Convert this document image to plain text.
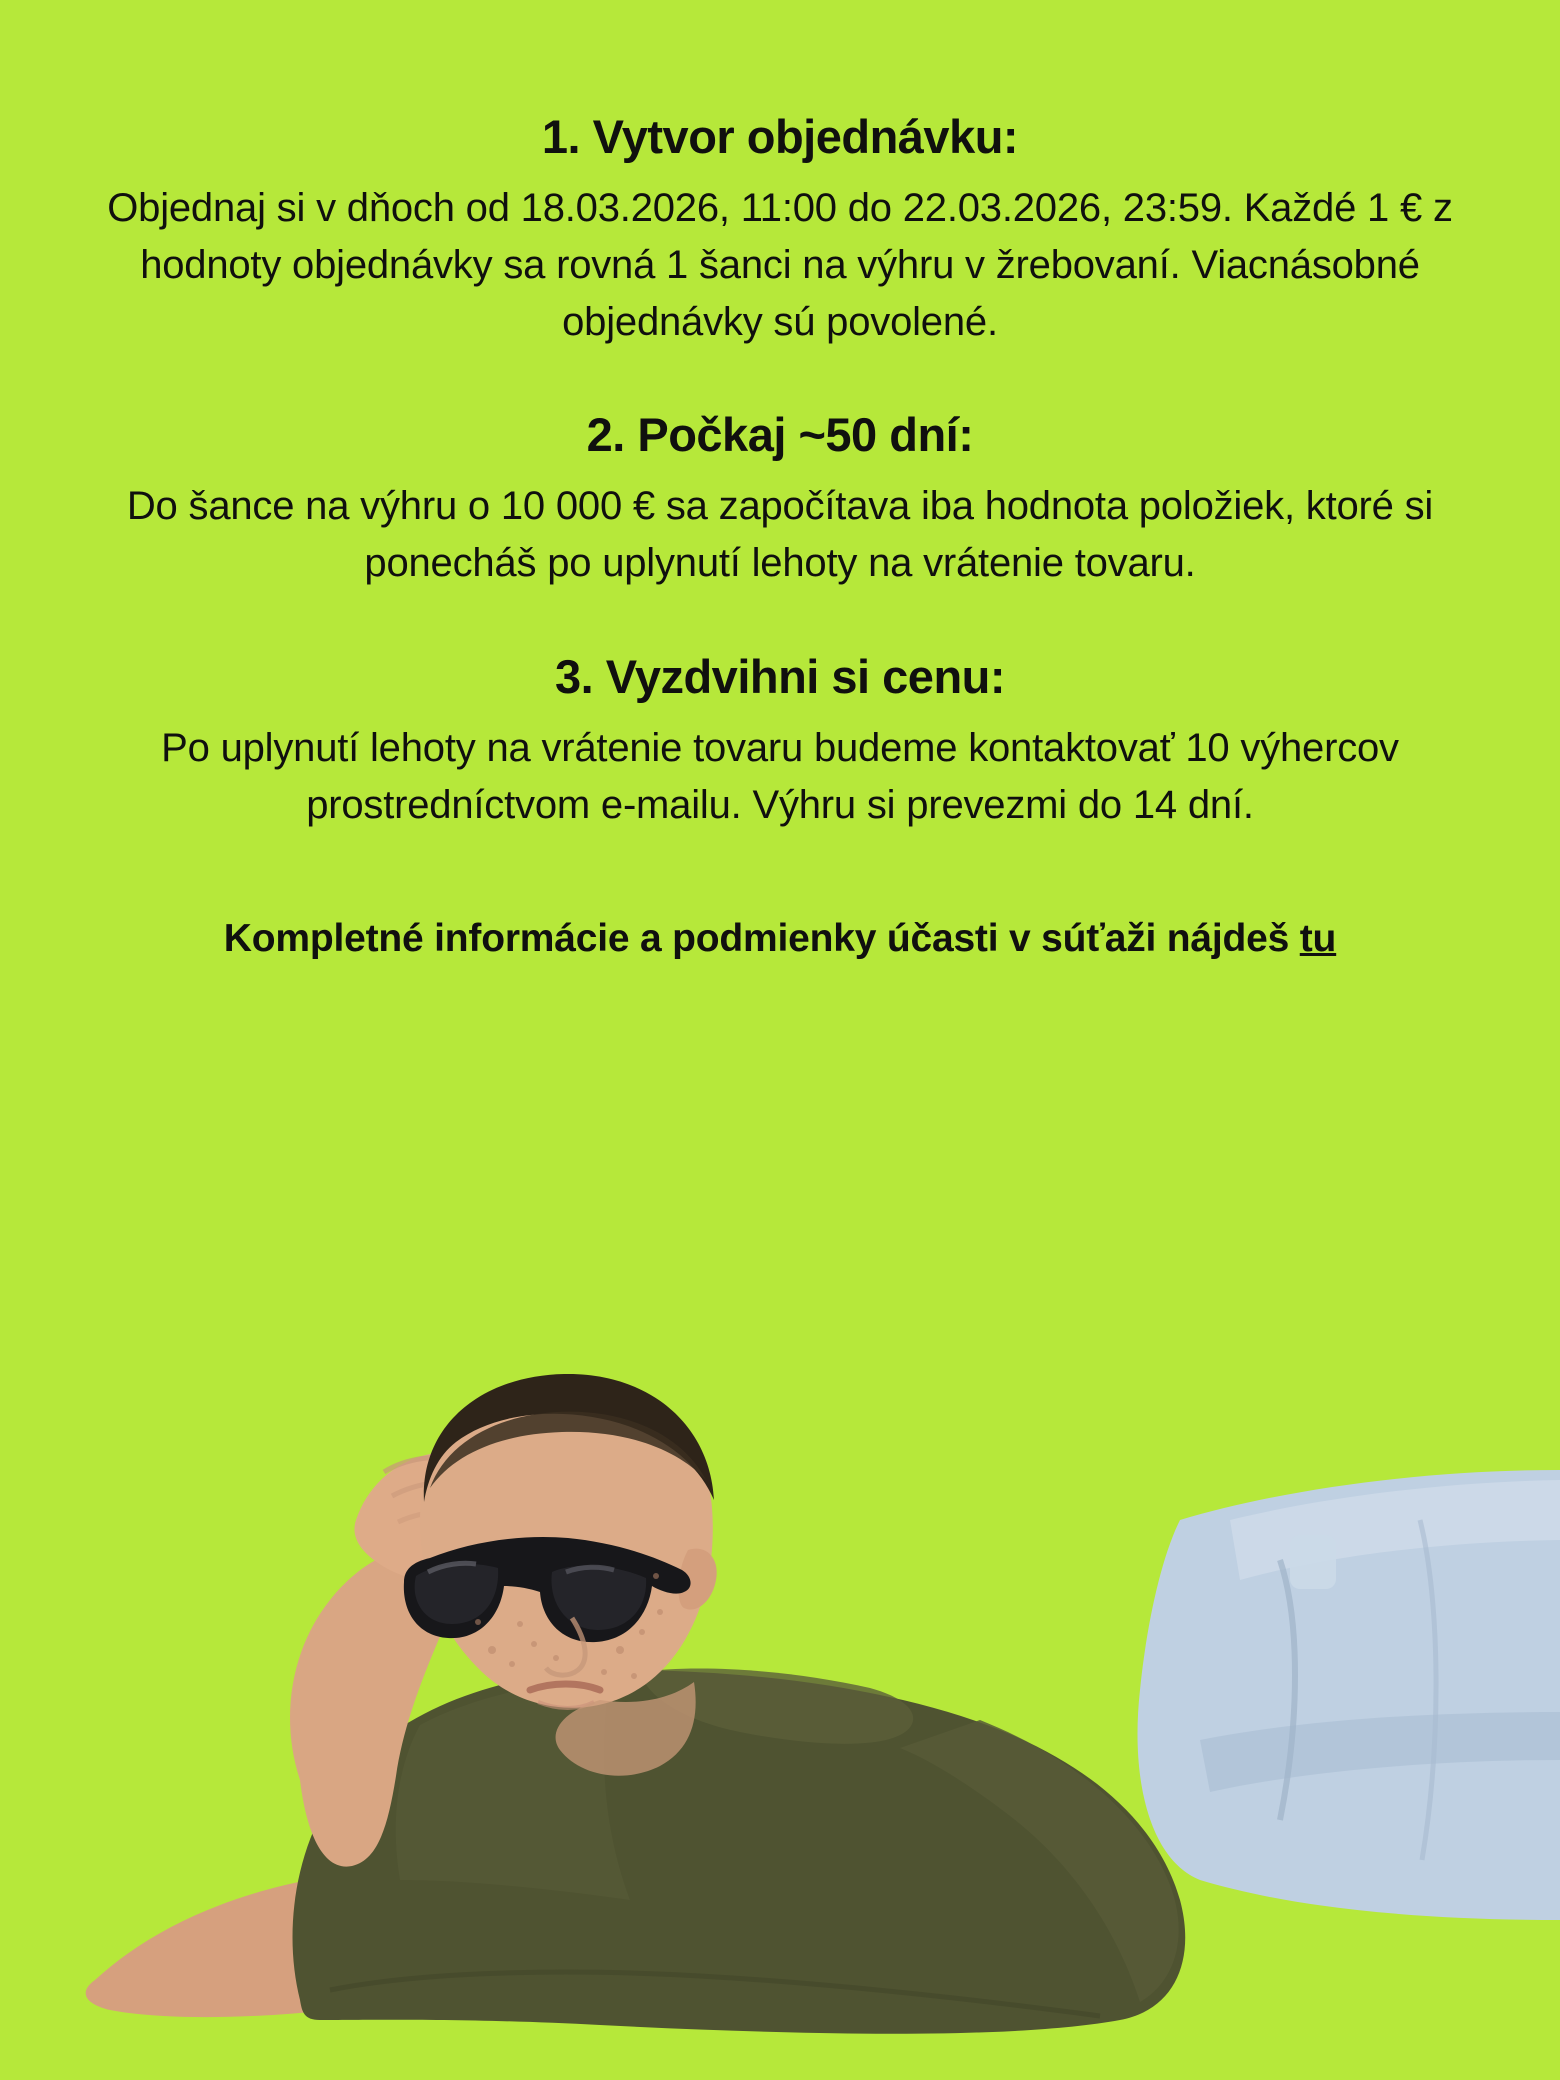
1. Vytvor objednávku:
Objednaj si v dňoch od 18.03.2026, 11:00 do 22.03.2026, 23:59. Každé 1 € z hodnoty objednávky sa rovná 1 šanci na výhru v žrebovaní. Viacnásobné objednávky sú povolené.
2. Počkaj ~50 dní:
Do šance na výhru o 10 000 € sa započítava iba hodnota položiek, ktoré si ponecháš po uplynutí lehoty na vrátenie tovaru.
3. Vyzdvihni si cenu:
Po uplynutí lehoty na vrátenie tovaru budeme kontaktovať 10 výhercov prostredníctvom e-mailu. Výhru si prevezmi do 14 dní.
Kompletné informácie a podmienky účasti v súťaži nájdeš tu
